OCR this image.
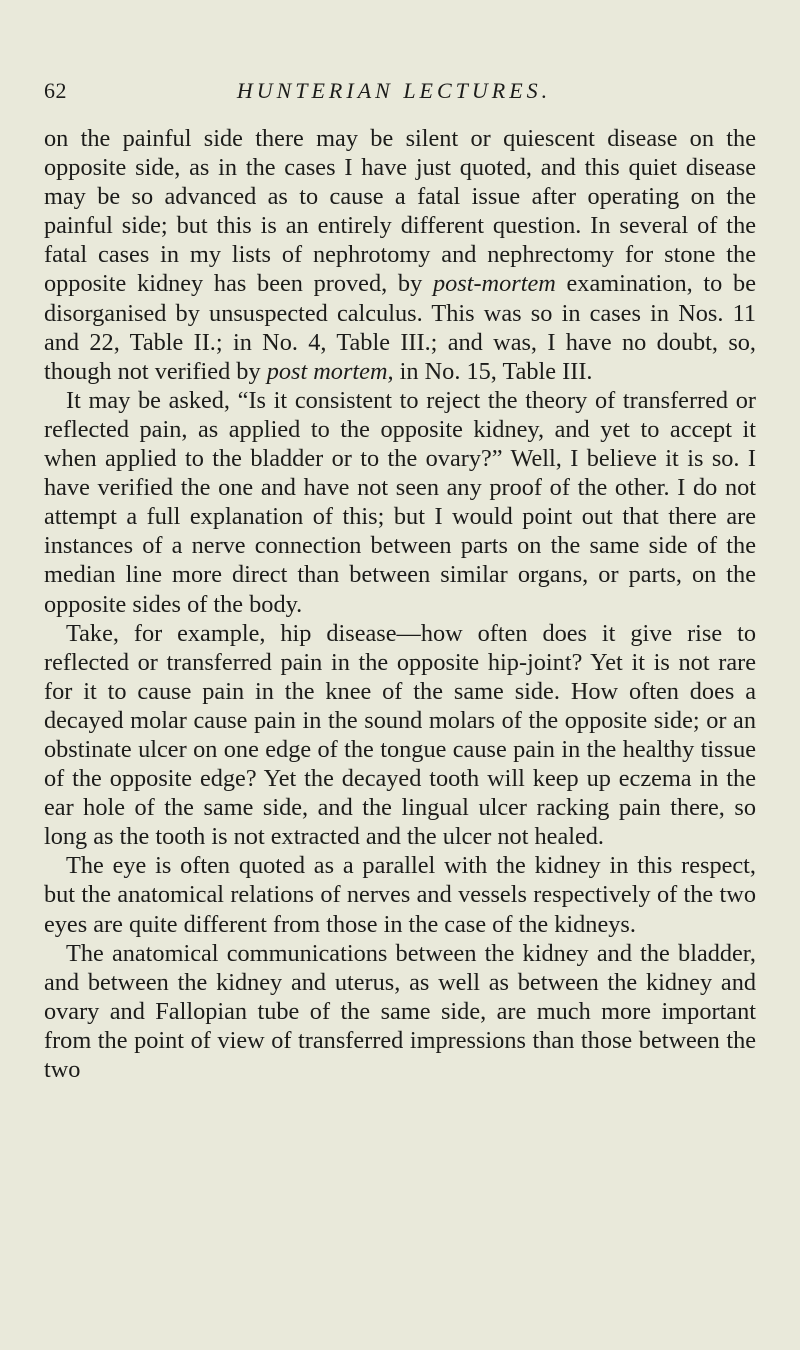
62	HUNTERIAN LECTURES.

on the painful side there may be silent or quiescent disease on the opposite side, as in the cases I have just quoted, and this quiet disease may be so advanced as to cause a fatal issue after operating on the painful side; but this is an entirely different question. In several of the fatal cases in my lists of nephrotomy and nephrectomy for stone the opposite kidney has been proved, by post-mortem examination, to be disorganised by unsuspected calculus. This was so in cases in Nos. 11 and 22, Table II.; in No. 4, Table III.; and was, I have no doubt, so, though not verified by post mortem, in No. 15, Table III.

It may be asked, “Is it consistent to reject the theory of transferred or reflected pain, as applied to the opposite kidney, and yet to accept it when applied to the bladder or to the ovary?” Well, I believe it is so. I have verified the one and have not seen any proof of the other. I do not attempt a full explanation of this; but I would point out that there are instances of a nerve connection between parts on the same side of the median line more direct than between similar organs, or parts, on the opposite sides of the body.

Take, for example, hip disease—how often does it give rise to reflected or transferred pain in the opposite hip-joint? Yet it is not rare for it to cause pain in the knee of the same side. How often does a decayed molar cause pain in the sound molars of the opposite side; or an obstinate ulcer on one edge of the tongue cause pain in the healthy tissue of the opposite edge? Yet the decayed tooth will keep up eczema in the ear hole of the same side, and the lingual ulcer racking pain there, so long as the tooth is not extracted and the ulcer not healed.

The eye is often quoted as a parallel with the kidney in this respect, but the anatomical relations of nerves and vessels respectively of the two eyes are quite different from those in the case of the kidneys.

The anatomical communications between the kidney and the bladder, and between the kidney and uterus, as well as between the kidney and ovary and Fallopian tube of the same side, are much more important from the point of view of transferred impressions than those between the two
